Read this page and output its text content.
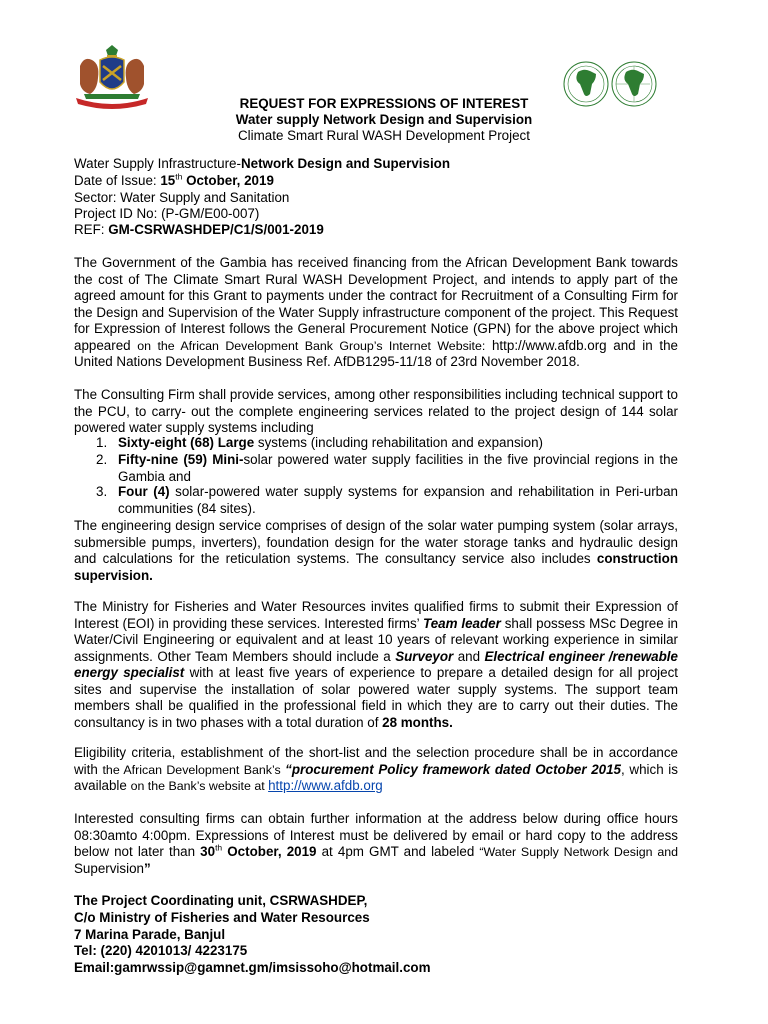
REQUEST FOR EXPRESSIONS OF INTEREST
Water supply Network Design and Supervision
Climate Smart Rural WASH Development Project
Water Supply Infrastructure-Network Design and Supervision
Date of Issue: 15th October, 2019
Sector: Water Supply and Sanitation
Project ID No: (P-GM/E00-007)
REF: GM-CSRWASHDEP/C1/S/001-2019

The Government of the Gambia has received financing from the African Development Bank towards the cost of The Climate Smart Rural WASH Development Project, and intends to apply part of the agreed amount for this Grant to payments under the contract for Recruitment of a Consulting Firm for the Design and Supervision of the Water Supply infrastructure component of the project. This Request for Expression of Interest follows the General Procurement Notice (GPN) for the above project which appeared on the African Development Bank Group’s Internet Website: http://www.afdb.org and in the United Nations Development Business Ref. AfDB1295-11/18 of 23rd November 2018.

The Consulting Firm shall provide services, among other responsibilities including technical support to the PCU, to carry- out the complete engineering services related to the project design of 144 solar powered water supply systems including

1. Sixty-eight (68) Large systems (including rehabilitation and expansion)
2. Fifty-nine (59) Mini-solar powered water supply facilities in the five provincial regions in the Gambia and
3. Four (4) solar-powered water supply systems for expansion and rehabilitation in Peri-urban communities (84 sites).

The engineering design service comprises of design of the solar water pumping system (solar arrays, submersible pumps, inverters), foundation design for the water storage tanks and hydraulic design and calculations for the reticulation systems. The consultancy service also includes construction supervision.

The Ministry for Fisheries and Water Resources invites qualified firms to submit their Expression of Interest (EOI) in providing these services. Interested firms’ Team leader shall possess MSc Degree in Water/Civil Engineering or equivalent and at least 10 years of relevant working experience in similar assignments. Other Team Members should include a Surveyor and Electrical engineer /renewable energy specialist with at least five years of experience to prepare a detailed design for all project sites and supervise the installation of solar powered water supply systems. The support team members shall be qualified in the professional field in which they are to carry out their duties. The consultancy is in two phases with a total duration of 28 months.

Eligibility criteria, establishment of the short-list and the selection procedure shall be in accordance with the African Development Bank’s “procurement Policy framework dated October 2015, which is available on the Bank’s website at http://www.afdb.org

Interested consulting firms can obtain further information at the address below during office hours 08:30amto 4:00pm. Expressions of Interest must be delivered by email or hard copy to the address below not later than 30th October, 2019 at 4pm GMT and labeled “Water Supply Network Design and Supervision”

The Project Coordinating unit, CSRWASHDEP,
C/o Ministry of Fisheries and Water Resources
7 Marina Parade, Banjul
Tel: (220) 4201013/ 4223175
Email:gamrwssip@gamnet.gm/imsissoho@hotmail.com
